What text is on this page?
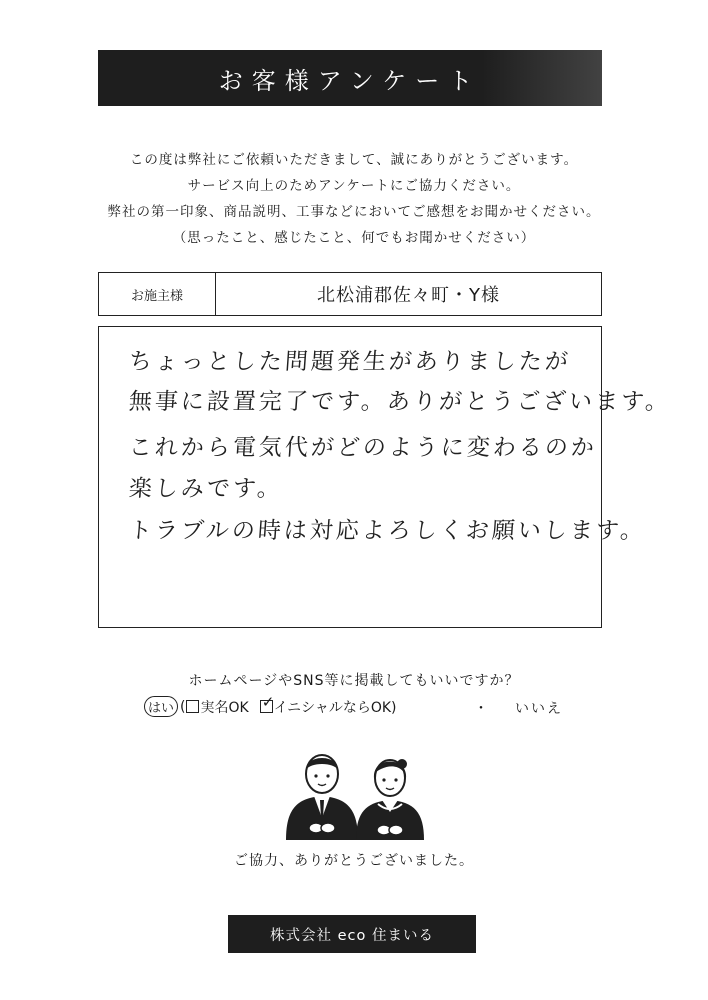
お客様アンケート
この度は弊社にご依頼いただきまして、誠にありがとうございます。
サービス向上のためアンケートにご協力ください。
弊社の第一印象、商品説明、工事などにおいてご感想をお聞かせください。
（思ったこと、感じたこと、何でもお聞かせください）
お施主様	北松浦郡佐々町・Y様
ちょっとした問題発生がありましたが
無事に設置完了です。ありがとうございます。
これから電気代がどのように変わるのか
楽しみです。
トラブルの時は対応よろしくお願いします。
ホームページやSNS等に掲載してもいいですか？
はい ( 実名OK ✓ イニシャルならOK)	・ いいえ
ご協力、ありがとうございました。
株式会社 eco 住まいる
